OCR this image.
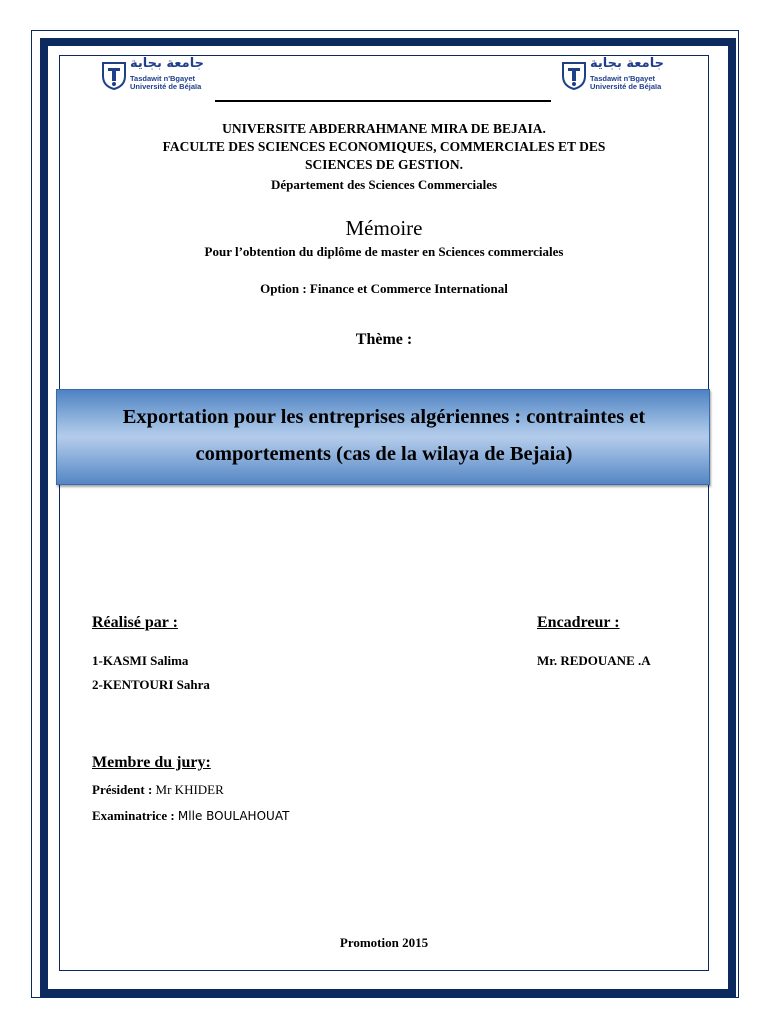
جامعة بجاية
Tasdawit n'Bgayet
Université de Béjaïa
جامعة بجاية
Tasdawit n'Bgayet
Université de Béjaïa
UNIVERSITE ABDERRAHMANE MIRA DE BEJAIA.
FACULTE DES SCIENCES ECONOMIQUES, COMMERCIALES ET DES
SCIENCES DE GESTION.
Département des Sciences Commerciales
Mémoire
Pour l’obtention du diplôme de master en Sciences commerciales
Option : Finance et Commerce International
Thème :
Exportation pour les entreprises algériennes : contraintes et
comportements (cas de la wilaya de Bejaia)
Réalisé par :	Encadreur :
1-KASMI Salima
2-KENTOURI Sahra
Mr. REDOUANE .A
Membre du jury:
Président : Mr KHIDER
Examinatrice : Mlle BOULAHOUAT
Promotion 2015
